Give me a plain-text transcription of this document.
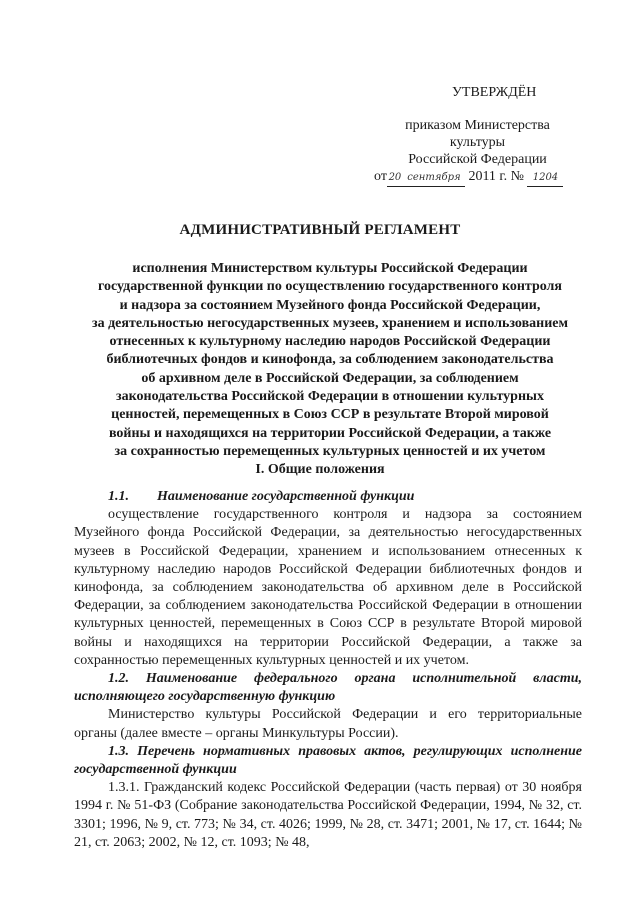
УТВЕРЖДЁН
приказом Министерства
культуры
Российской Федерации
от 20 сентября 2011 г. № 1204
АДМИНИСТРАТИВНЫЙ РЕГЛАМЕНТ
исполнения Министерством культуры Российской Федерации
государственной функции по осуществлению государственного контроля
и надзора за состоянием Музейного фонда Российской Федерации,
за деятельностью негосударственных музеев, хранением и использованием
отнесенных к культурному наследию народов Российской Федерации
библиотечных фондов и кинофонда, за соблюдением законодательства
об архивном деле в Российской Федерации, за соблюдением
законодательства Российской Федерации в отношении культурных
ценностей, перемещенных в Союз ССР в результате Второй мировой
войны и находящихся на территории Российской Федерации, а также
за сохранностью перемещенных культурных ценностей и их учетом
I. Общие положения

1.1. Наименование государственной функции

осуществление государственного контроля и надзора за состоянием Музейного фонда Российской Федерации, за деятельностью негосударственных музеев в Российской Федерации, хранением и использованием отнесенных к культурному наследию народов Российской Федерации библиотечных фондов и кинофонда, за соблюдением законодательства об архивном деле в Российской Федерации, за соблюдением законодательства Российской Федерации в отношении культурных ценностей, перемещенных в Союз ССР в результате Второй мировой войны и находящихся на территории Российской Федерации, а также за сохранностью перемещенных культурных ценностей и их учетом.

1.2. Наименование федерального органа исполнительной власти, исполняющего государственную функцию

Министерство культуры Российской Федерации и его территориальные органы (далее вместе – органы Минкультуры России).

1.3. Перечень нормативных правовых актов, регулирующих исполнение государственной функции

1.3.1. Гражданский кодекс Российской Федерации (часть первая) от 30 ноября 1994 г. № 51-ФЗ (Собрание законодательства Российской Федерации, 1994, № 32, ст. 3301; 1996, № 9, ст. 773; № 34, ст. 4026; 1999, № 28, ст. 3471; 2001, № 17, ст. 1644; № 21, ст. 2063; 2002, № 12, ст. 1093; № 48,
